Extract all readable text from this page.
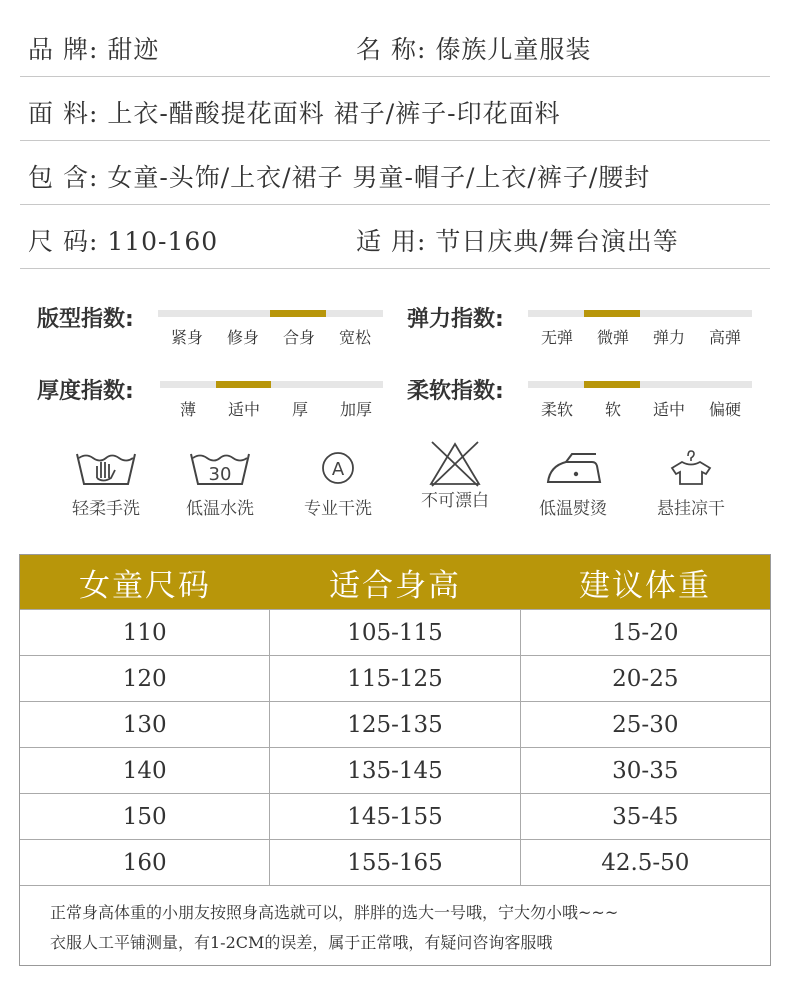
品 牌: 甜迹	名 称: 傣族儿童服装
面 料: 上衣-醋酸提花面料 裙子/裤子-印花面料
包 含: 女童-头饰/上衣/裙子 男童-帽子/上衣/裤子/腰封
尺 码: 110-160	适 用: 节日庆典/舞台演出等
版型指数:
紧身	修身	合身	宽松
弹力指数:
无弹	微弹	弹力	高弹
厚度指数:
薄	适中	厚	加厚
柔软指数:
柔软	软	适中	偏硬
轻柔手洗
30
低温水洗
A
专业干洗	不可漂白	低温熨烫	悬挂凉干
女童尺码	适合身高	建议体重
110	105-115	15-20
120	115-125	20-25
130	125-135	25-30
140	135-145	30-35
150	145-155	35-45
160	155-165	42.5-50
正常身高体重的小朋友按照身高选就可以，胖胖的选大一号哦，宁大勿小哦~~~
衣服人工平铺测量，有1-2CM的误差，属于正常哦，有疑问咨询客服哦
